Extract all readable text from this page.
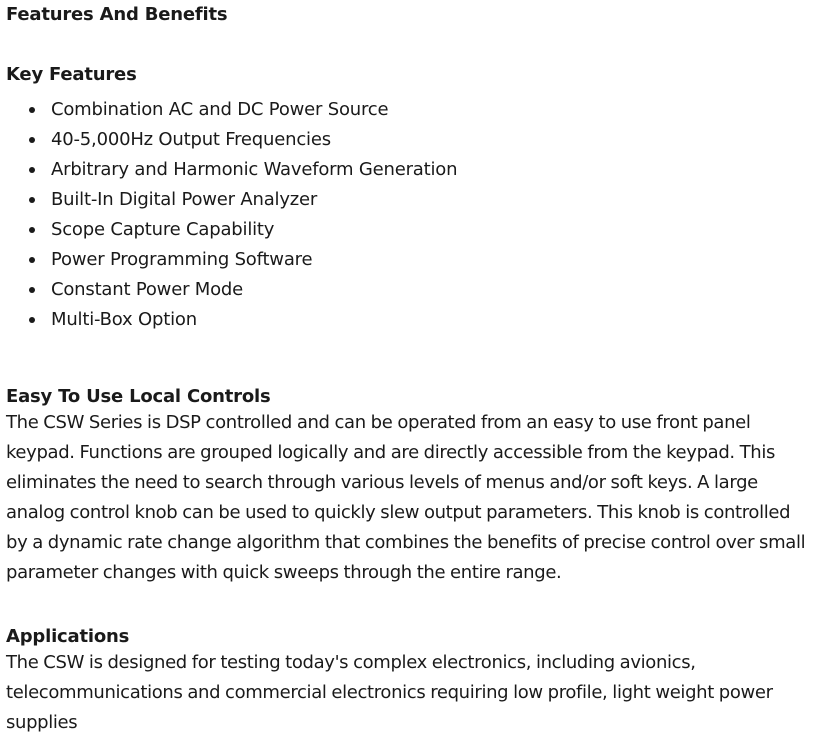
Features And Benefits
Key Features
Combination AC and DC Power Source
40-5,000Hz Output Frequencies
Arbitrary and Harmonic Waveform Generation
Built-In Digital Power Analyzer
Scope Capture Capability
Power Programming Software
Constant Power Mode
Multi-Box Option
Easy To Use Local Controls

The CSW Series is DSP controlled and can be operated from an easy to use front panel
keypad. Functions are grouped logically and are directly accessible from the keypad. This
eliminates the need to search through various levels of menus and/or soft keys. A large
analog control knob can be used to quickly slew output parameters. This knob is controlled
by a dynamic rate change algorithm that combines the benefits of precise control over small
parameter changes with quick sweeps through the entire range.

Applications

The CSW is designed for testing today's complex electronics, including avionics,
telecommunications and commercial electronics requiring low profile, light weight power
supplies
